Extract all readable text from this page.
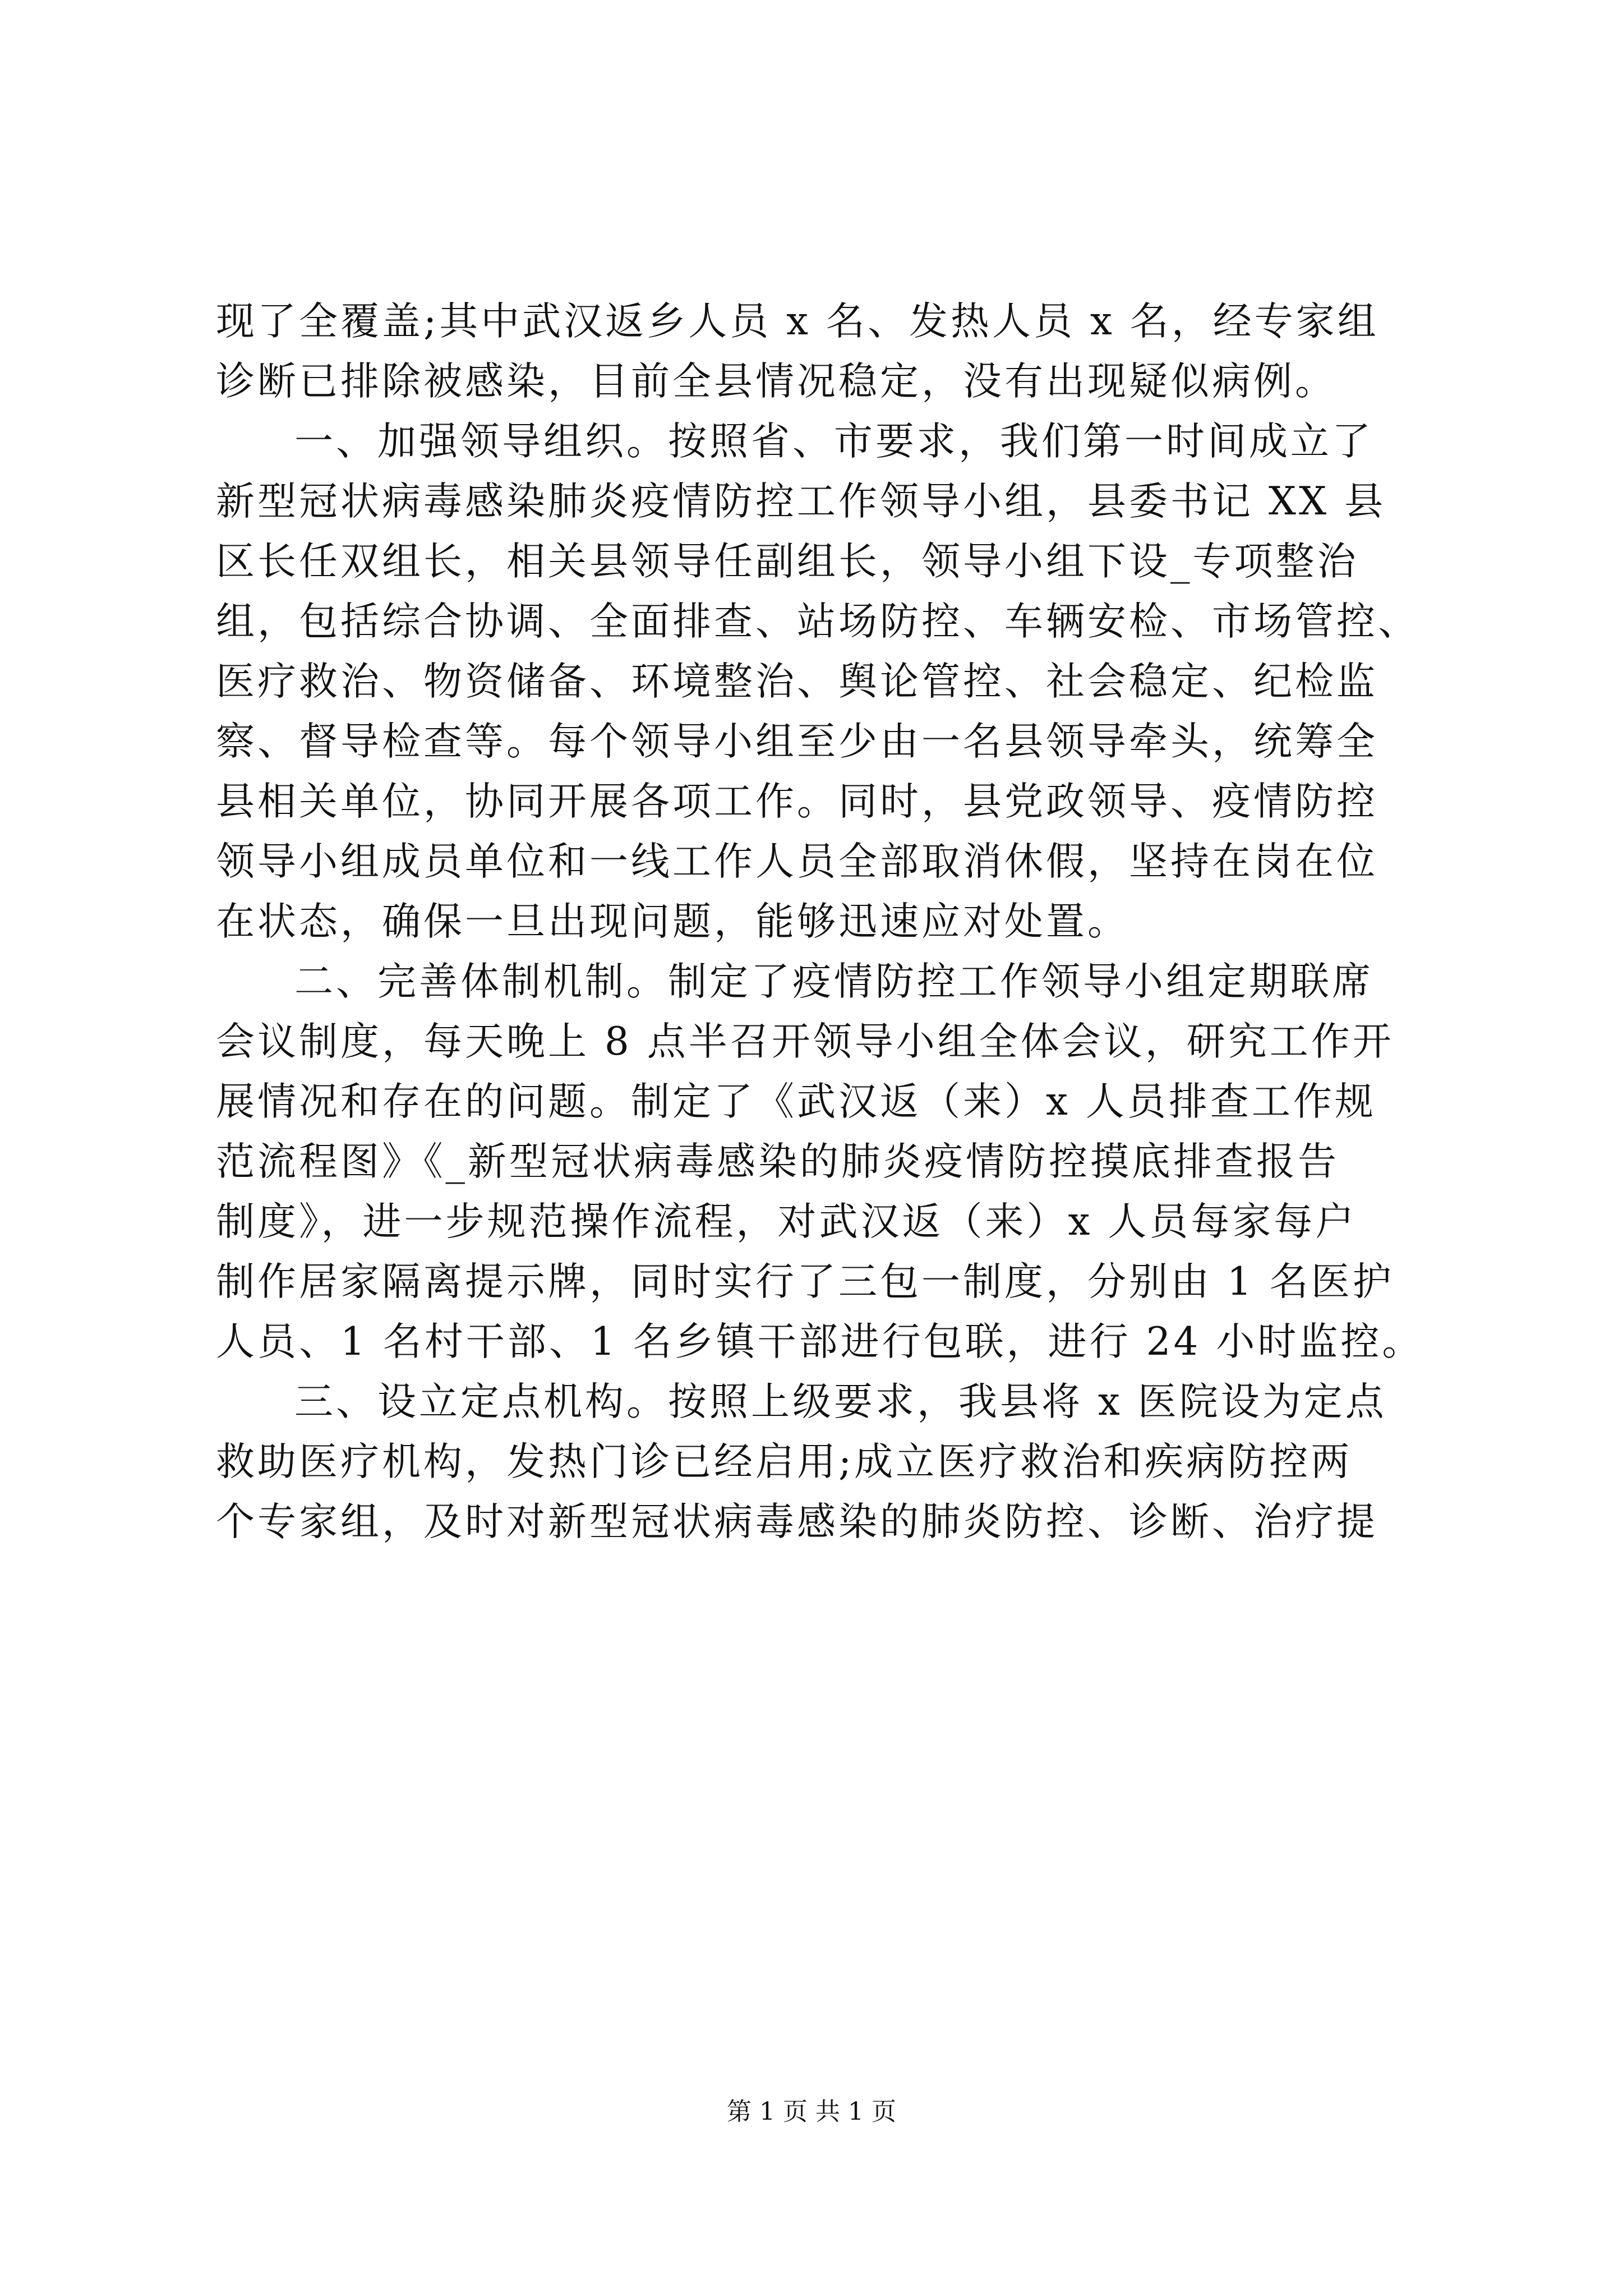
现了全覆盖;其中武汉返乡人员 x 名、发热人员 x 名，经专家组
诊断已排除被感染，目前全县情况稳定，没有出现疑似病例。
一、加强领导组织。按照省、市要求，我们第一时间成立了
新型冠状病毒感染肺炎疫情防控工作领导小组，县委书记 XX 县
区长任双组长，相关县领导任副组长，领导小组下设_专项整治
组，包括综合协调、全面排查、站场防控、车辆安检、市场管控、
医疗救治、物资储备、环境整治、舆论管控、社会稳定、纪检监
察、督导检查等。每个领导小组至少由一名县领导牵头，统筹全
县相关单位，协同开展各项工作。同时，县党政领导、疫情防控
领导小组成员单位和一线工作人员全部取消休假，坚持在岗在位
在状态，确保一旦出现问题，能够迅速应对处置。
二、完善体制机制。制定了疫情防控工作领导小组定期联席
会议制度，每天晚上 8 点半召开领导小组全体会议，研究工作开
展情况和存在的问题。制定了《武汉返（来）x 人员排查工作规
范流程图》《_新型冠状病毒感染的肺炎疫情防控摸底排查报告
制度》，进一步规范操作流程，对武汉返（来）x 人员每家每户
制作居家隔离提示牌，同时实行了三包一制度，分别由 1 名医护
人员、1 名村干部、1 名乡镇干部进行包联，进行 24 小时监控。
三、设立定点机构。按照上级要求，我县将 x 医院设为定点
救助医疗机构，发热门诊已经启用;成立医疗救治和疾病防控两
个专家组，及时对新型冠状病毒感染的肺炎防控、诊断、治疗提
第 1 页 共 1 页
